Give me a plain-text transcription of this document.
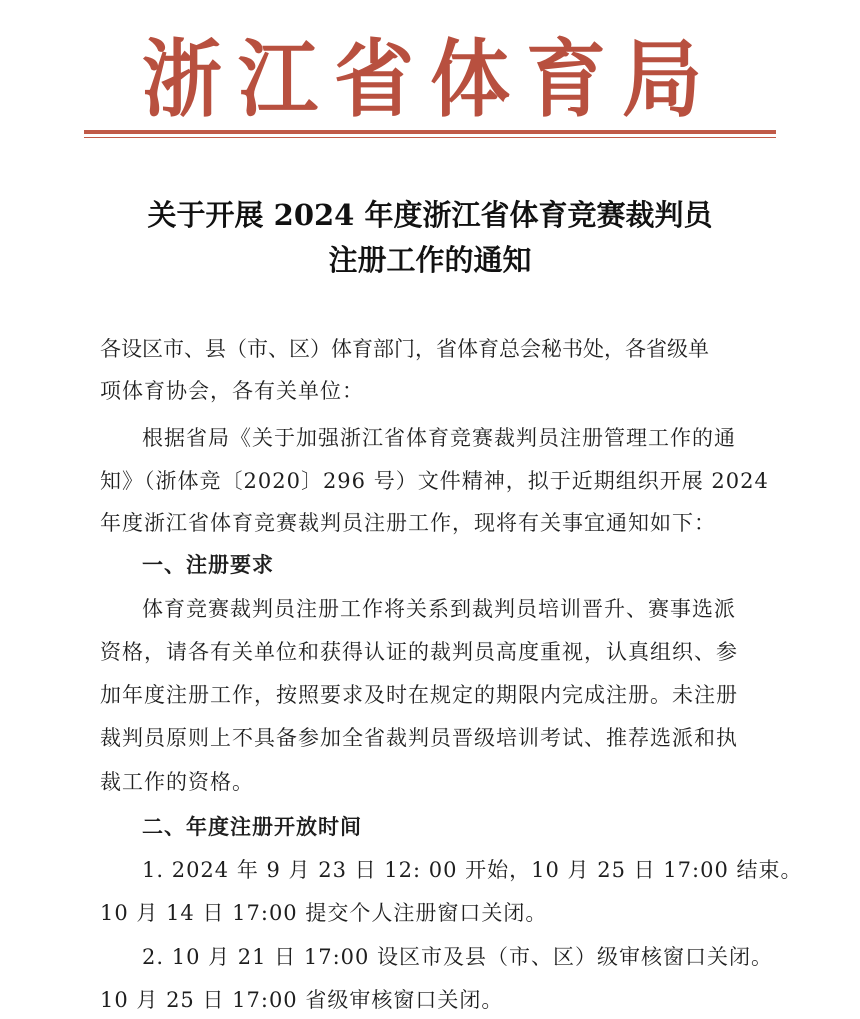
浙江省体育局
关于开展 2024 年度浙江省体育竞赛裁判员
注册工作的通知
各设区市、县（市、区）体育部门，省体育总会秘书处，各省级单
项体育协会，各有关单位：
根据省局《关于加强浙江省体育竞赛裁判员注册管理工作的通
知》（浙体竞〔2020〕296 号）文件精神，拟于近期组织开展 2024
年度浙江省体育竞赛裁判员注册工作，现将有关事宜通知如下：
一、注册要求
体育竞赛裁判员注册工作将关系到裁判员培训晋升、赛事选派
资格，请各有关单位和获得认证的裁判员高度重视，认真组织、参
加年度注册工作，按照要求及时在规定的期限内完成注册。未注册
裁判员原则上不具备参加全省裁判员晋级培训考试、推荐选派和执
裁工作的资格。
二、年度注册开放时间
1. 2024 年 9 月 23 日 12: 00 开始，10 月 25 日 17:00 结束。
10 月 14 日 17:00 提交个人注册窗口关闭。
2. 10 月 21 日 17:00 设区市及县（市、区）级审核窗口关闭。
10 月 25 日 17:00 省级审核窗口关闭。
